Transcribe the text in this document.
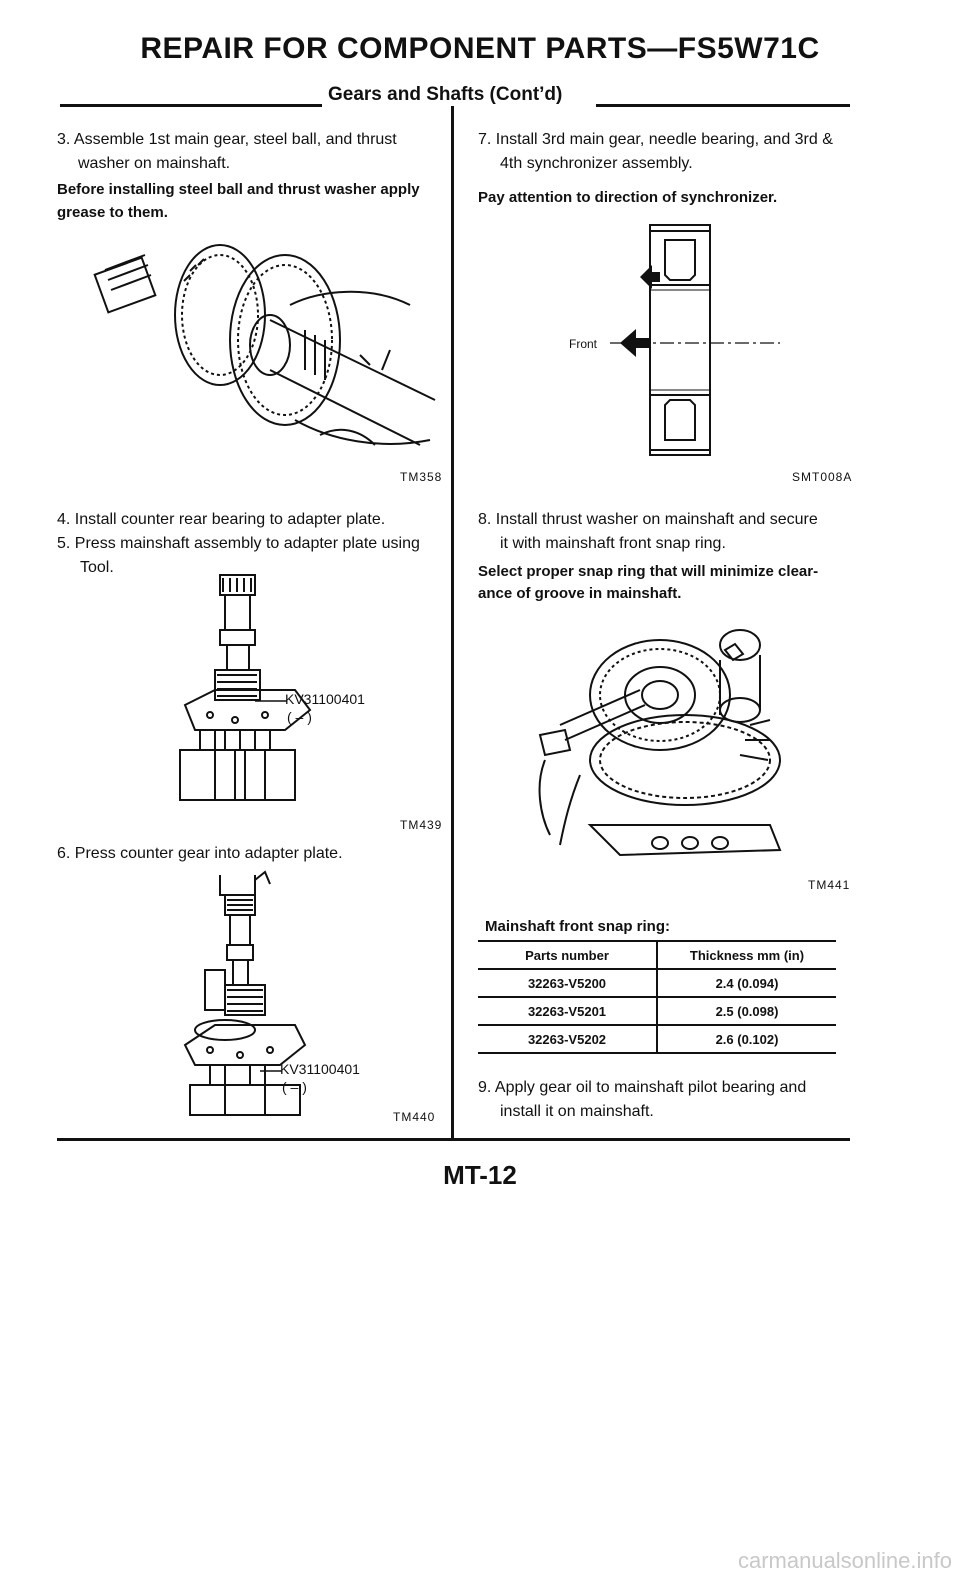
REPAIR FOR COMPONENT PARTS—FS5W71C
Gears and Shafts (Cont’d)
3. Assemble 1st main gear, steel ball, and thrust
washer on mainshaft.
Before installing steel ball and thrust washer apply
grease to them.
TM358
4. Install counter rear bearing to adapter plate.
5. Press mainshaft assembly to adapter plate using
Tool.
KV31100401
( – )
TM439
6. Press counter gear into adapter plate.
KV31100401
( – )
TM440
7. Install 3rd main gear, needle bearing, and 3rd &
4th synchronizer assembly.
Pay attention to direction of synchronizer.
Front
SMT008A
8. Install thrust washer on mainshaft and secure
it with mainshaft front snap ring.
Select proper snap ring that will minimize clear-
ance of groove in mainshaft.
TM441
Mainshaft front snap ring:
Parts number	Thickness mm (in)
32263-V5200	2.4 (0.094)
32263-V5201	2.5 (0.098)
32263-V5202	2.6 (0.102)
9. Apply gear oil to mainshaft pilot bearing and
install it on mainshaft.
MT-12
carmanualsonline.info
